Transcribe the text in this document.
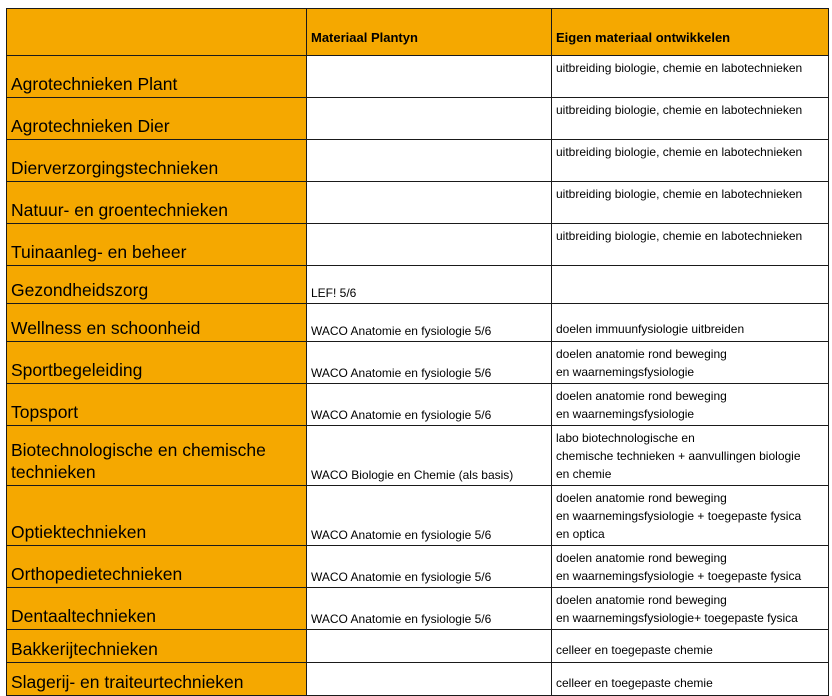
	Materiaal Plantyn	Eigen materiaal ontwikkelen
Agrotechnieken Plant		uitbreiding biologie, chemie en labotechnieken

Agrotechnieken Dier		uitbreiding biologie, chemie en labotechnieken

Dierverzorgingstechnieken		uitbreiding biologie, chemie en labotechnieken

Natuur- en groentechnieken		uitbreiding biologie, chemie en labotechnieken

Tuinaanleg- en beheer		uitbreiding biologie, chemie en labotechnieken

Gezondheidszorg	LEF! 5/6	

Wellness en schoonheid	WACO Anatomie en fysiologie 5/6	doelen immuunfysiologie uitbreiden

Sportbegeleiding	WACO Anatomie en fysiologie 5/6	doelen anatomie rond beweging
en waarnemingsfysiologie

Topsport	WACO Anatomie en fysiologie 5/6	doelen anatomie rond beweging
en waarnemingsfysiologie

Biotechnologische en chemische technieken	WACO Biologie en Chemie (als basis)	labo biotechnologische en
chemische technieken + aanvullingen biologie
en chemie

Optiektechnieken	WACO Anatomie en fysiologie 5/6	doelen anatomie rond beweging
en waarnemingsfysiologie + toegepaste fysica
en optica

Orthopedietechnieken	WACO Anatomie en fysiologie 5/6	doelen anatomie rond beweging
en waarnemingsfysiologie + toegepaste fysica

Dentaaltechnieken	WACO Anatomie en fysiologie 5/6	doelen anatomie rond beweging
en waarnemingsfysiologie+ toegepaste fysica

Bakkerijtechnieken		celleer en toegepaste chemie

Slagerij- en traiteurtechnieken		celleer en toegepaste chemie
